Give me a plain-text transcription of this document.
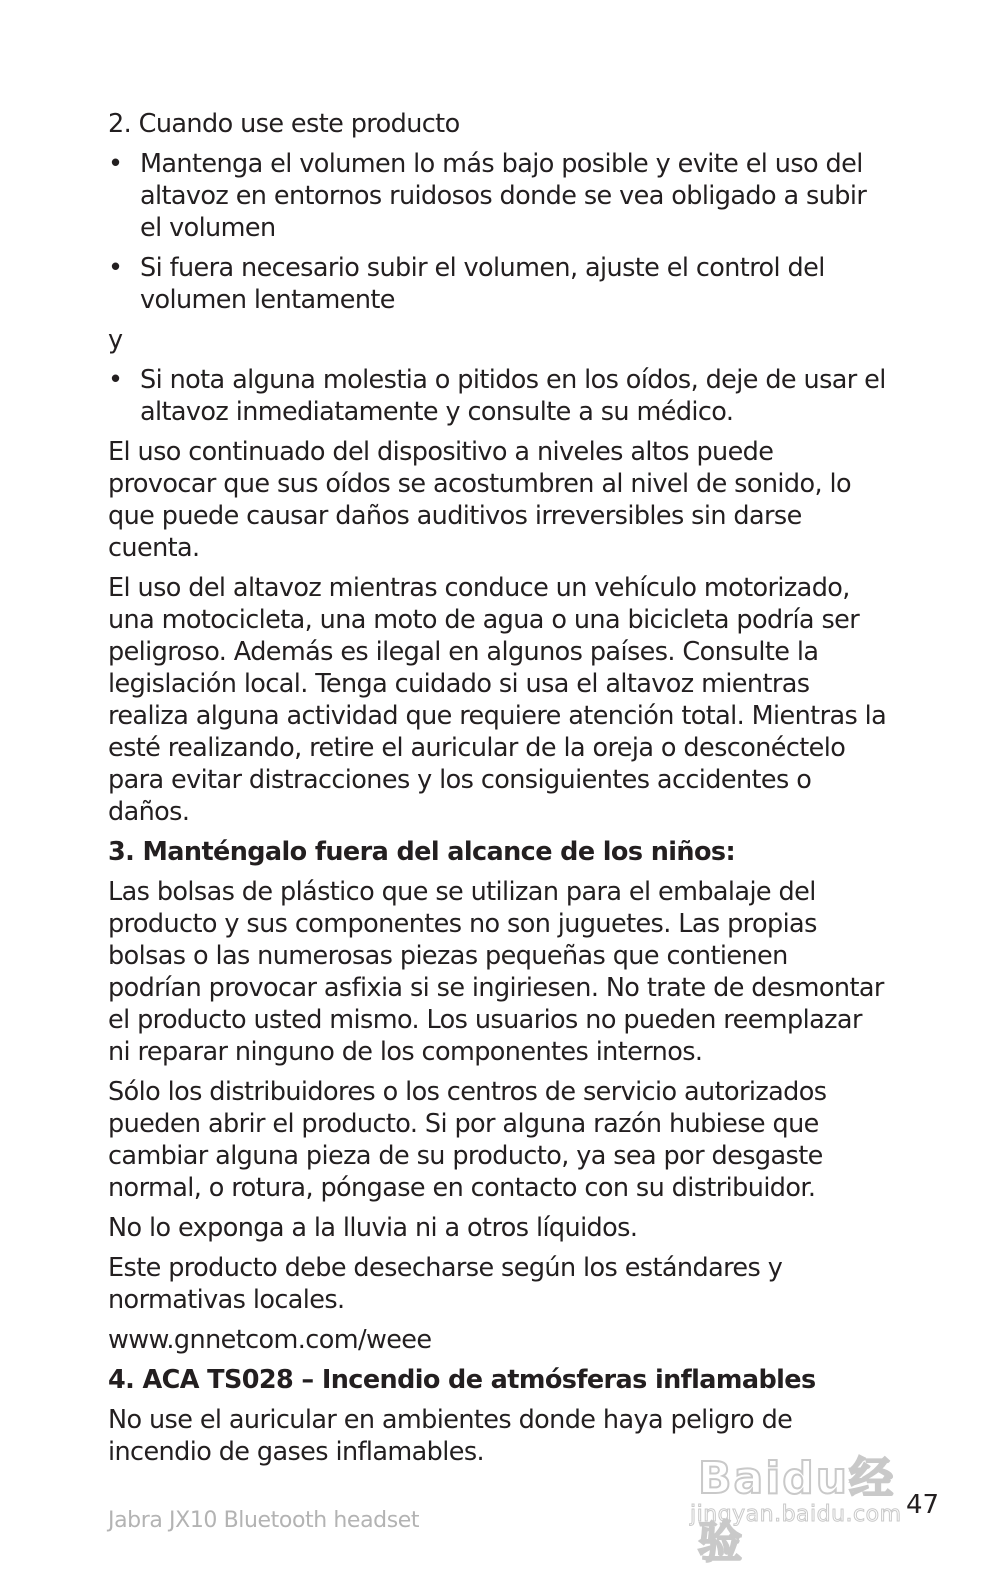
2. Cuando use este producto

• Mantenga el volumen lo más bajo posible y evite el uso del altavoz en entornos ruidosos donde se vea obligado a subir el volumen
• Si fuera necesario subir el volumen, ajuste el control del volumen lentamente

y

• Si nota alguna molestia o pitidos en los oídos, deje de usar el altavoz inmediatamente y consulte a su médico.

El uso continuado del dispositivo a niveles altos puede provocar que sus oídos se acostumbren al nivel de sonido, lo que puede causar daños auditivos irreversibles sin darse cuenta.

El uso del altavoz mientras conduce un vehículo motorizado, una motocicleta, una moto de agua o una bicicleta podría ser peligroso. Además es ilegal en algunos países. Consulte la legislación local. Tenga cuidado si usa el altavoz mientras realiza alguna actividad que requiere atención total. Mientras la esté realizando, retire el auricular de la oreja o desconéctelo para evitar distracciones y los consiguientes accidentes o daños.

3. Manténgalo fuera del alcance de los niños:

Las bolsas de plástico que se utilizan para el embalaje del producto y sus componentes no son juguetes. Las propias bolsas o las numerosas piezas pequeñas que contienen podrían provocar asfixia si se ingiriesen. No trate de desmontar el producto usted mismo. Los usuarios no pueden reemplazar ni reparar ninguno de los componentes internos.

Sólo los distribuidores o los centros de servicio autorizados pueden abrir el producto. Si por alguna razón hubiese que cambiar alguna pieza de su producto, ya sea por desgaste normal, o rotura, póngase en contacto con su distribuidor.

No lo exponga a la lluvia ni a otros líquidos.

Este producto debe desecharse según los estándares y normativas locales.

www.gnnetcom.com/weee

4. ACA TS028 – Incendio de atmósferas inflamables

No use el auricular en ambientes donde haya peligro de incendio de gases inflamables.

Baidu经验
jingyan.baidu.com
Jabra JX10 Bluetooth headset
47
